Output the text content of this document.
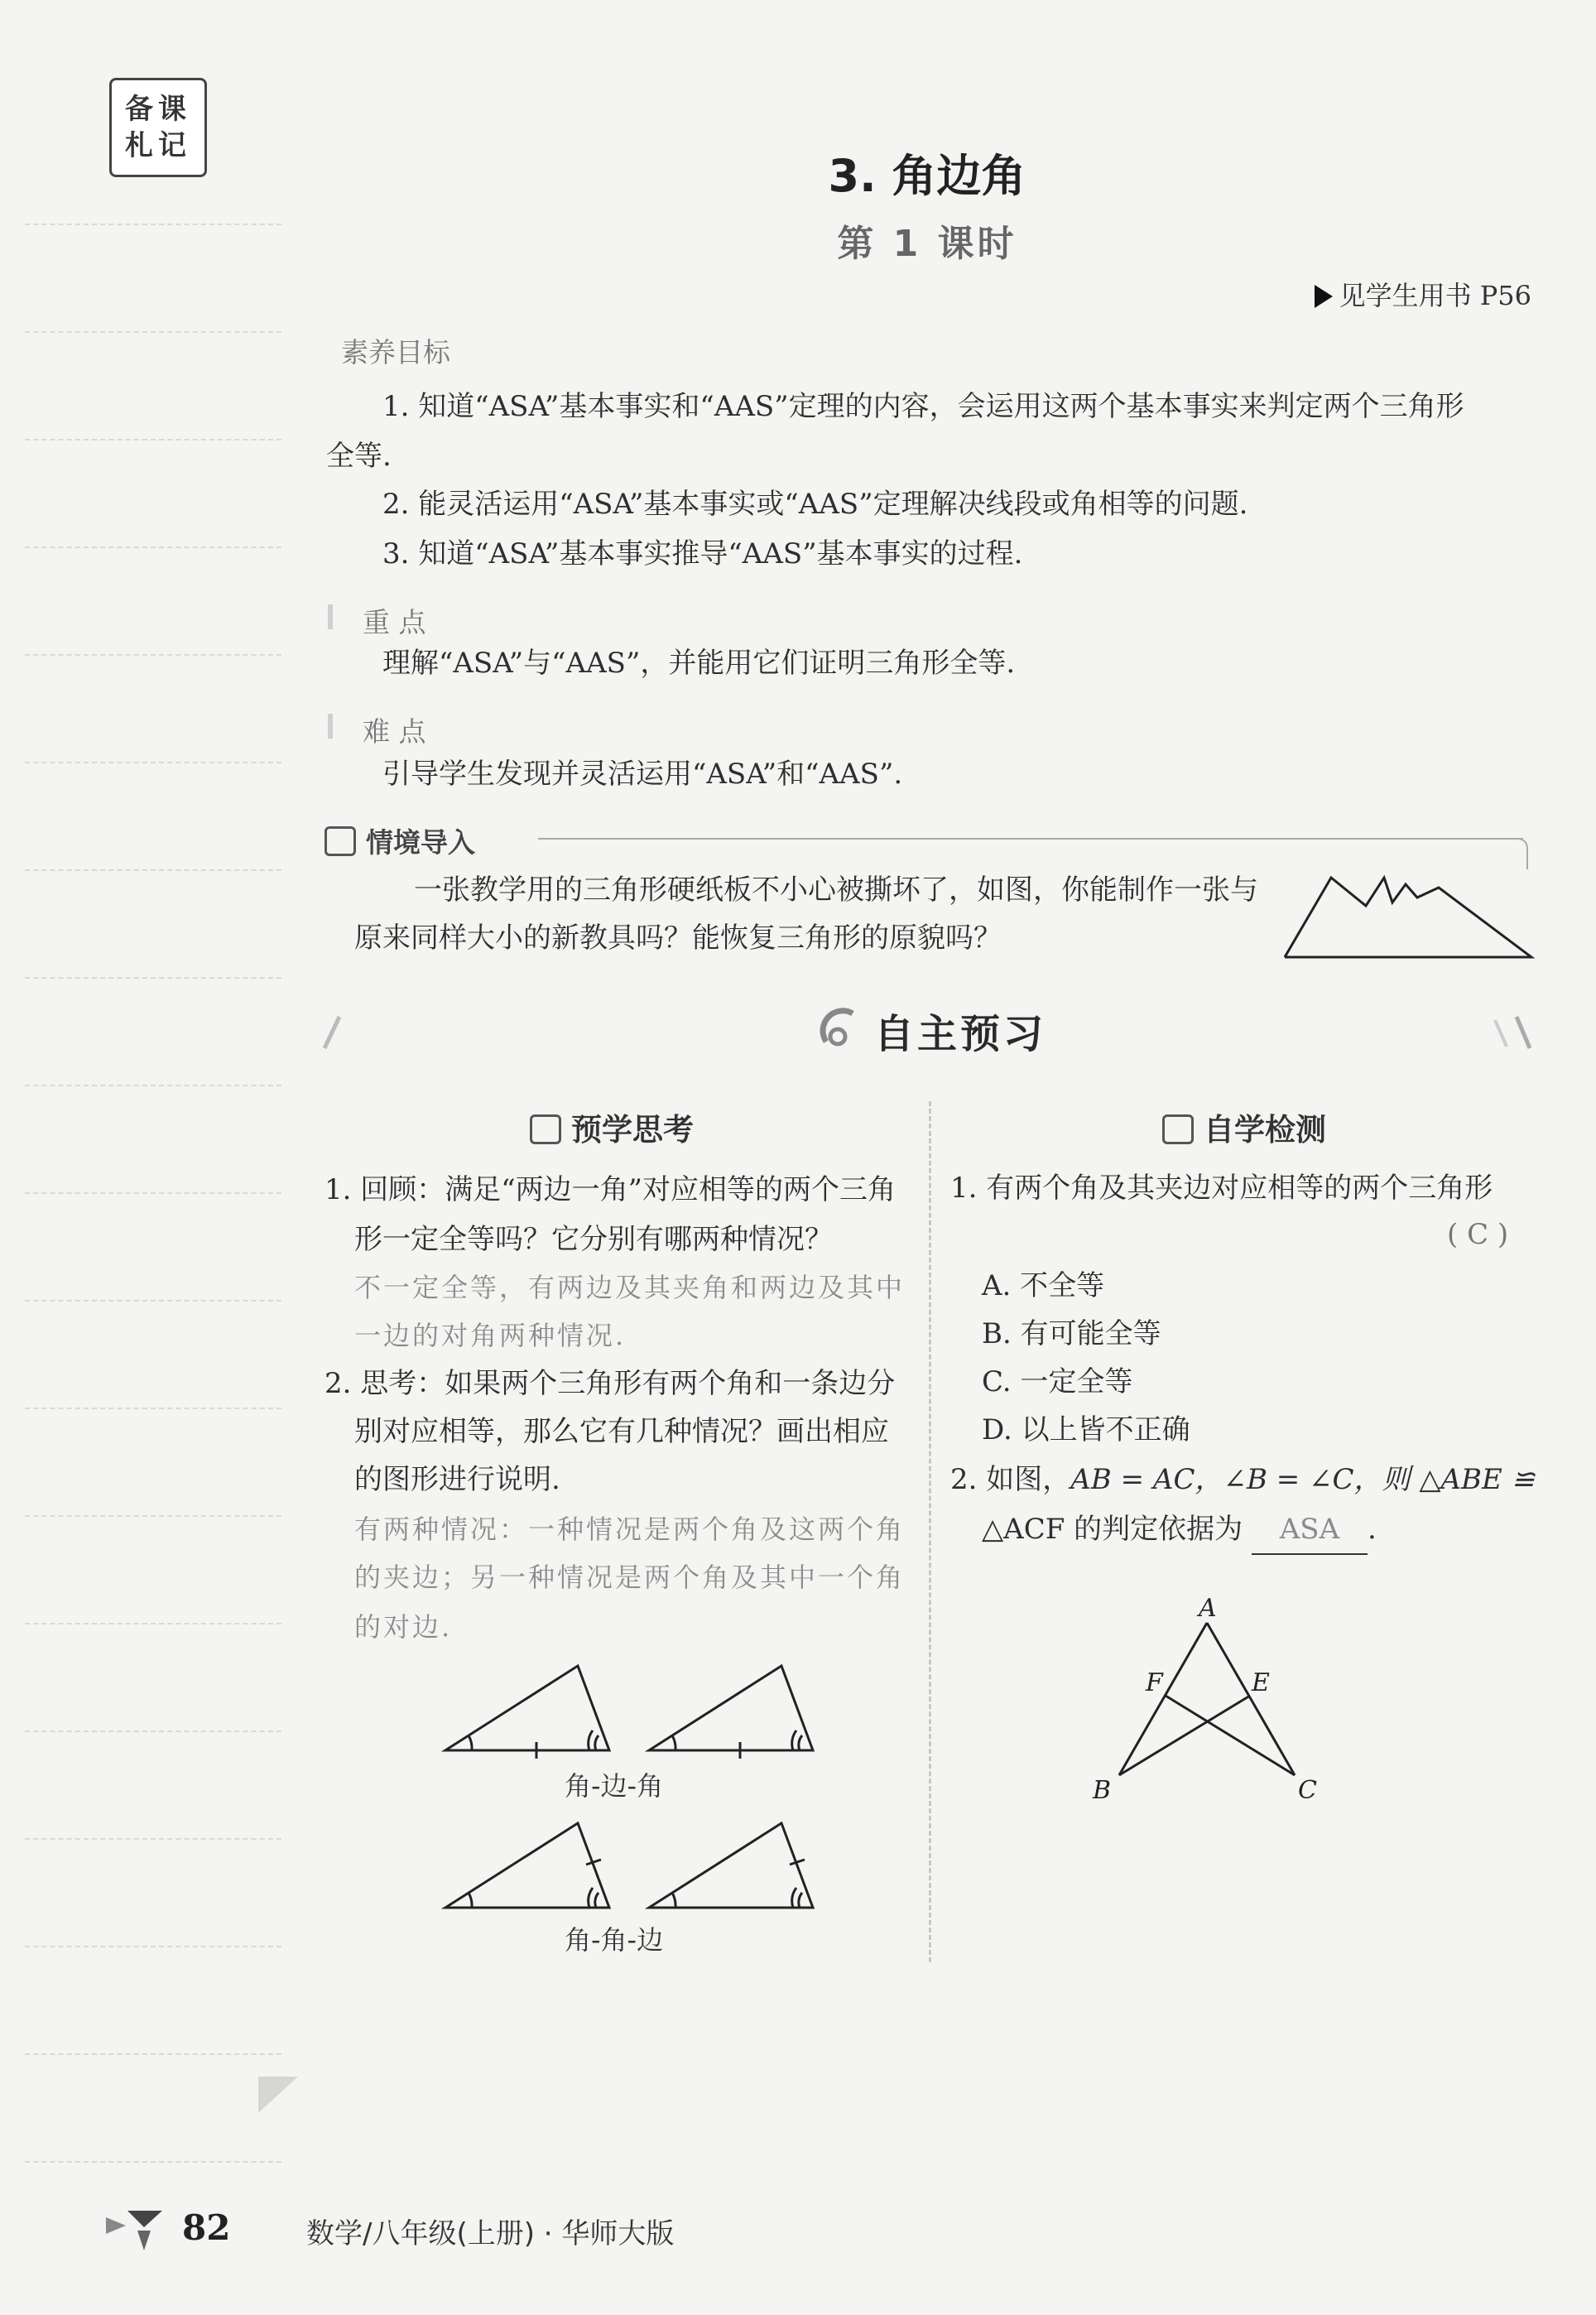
备课
札记
3. 角边角
第 1 课时
见学生用书 P56
素养目标
1. 知道“ASA”基本事实和“AAS”定理的内容，会运用这两个基本事实来判定两个三角形
全等.
2. 能灵活运用“ASA”基本事实或“AAS”定理解决线段或角相等的问题.
3. 知道“ASA”基本事实推导“AAS”基本事实的过程.
重 点
理解“ASA”与“AAS”，并能用它们证明三角形全等.
难 点
引导学生发现并灵活运用“ASA”和“AAS”.
情境导入
一张教学用的三角形硬纸板不小心被撕坏了，如图，你能制作一张与
原来同样大小的新教具吗？能恢复三角形的原貌吗？
自主预习
预学思考
1. 回顾：满足“两边一角”对应相等的两个三角
形一定全等吗？它分别有哪两种情况？
不一定全等，有两边及其夹角和两边及其中
一边的对角两种情况.
2. 思考：如果两个三角形有两个角和一条边分
别对应相等，那么它有几种情况？画出相应
的图形进行说明.
有两种情况：一种情况是两个角及这两个角
的夹边；另一种情况是两个角及其中一个角
的对边.
角-边-角
角-角-边
自学检测
1. 有两个角及其夹边对应相等的两个三角形
( C )
A. 不全等
B. 有可能全等
C. 一定全等
D. 以上皆不正确
2. 如图，AB = AC，∠B = ∠C，则 △ABE ≌
△ACF 的判定依据为 ASA .
A
B	C
E
F
82	数学/八年级(上册) · 华师大版
